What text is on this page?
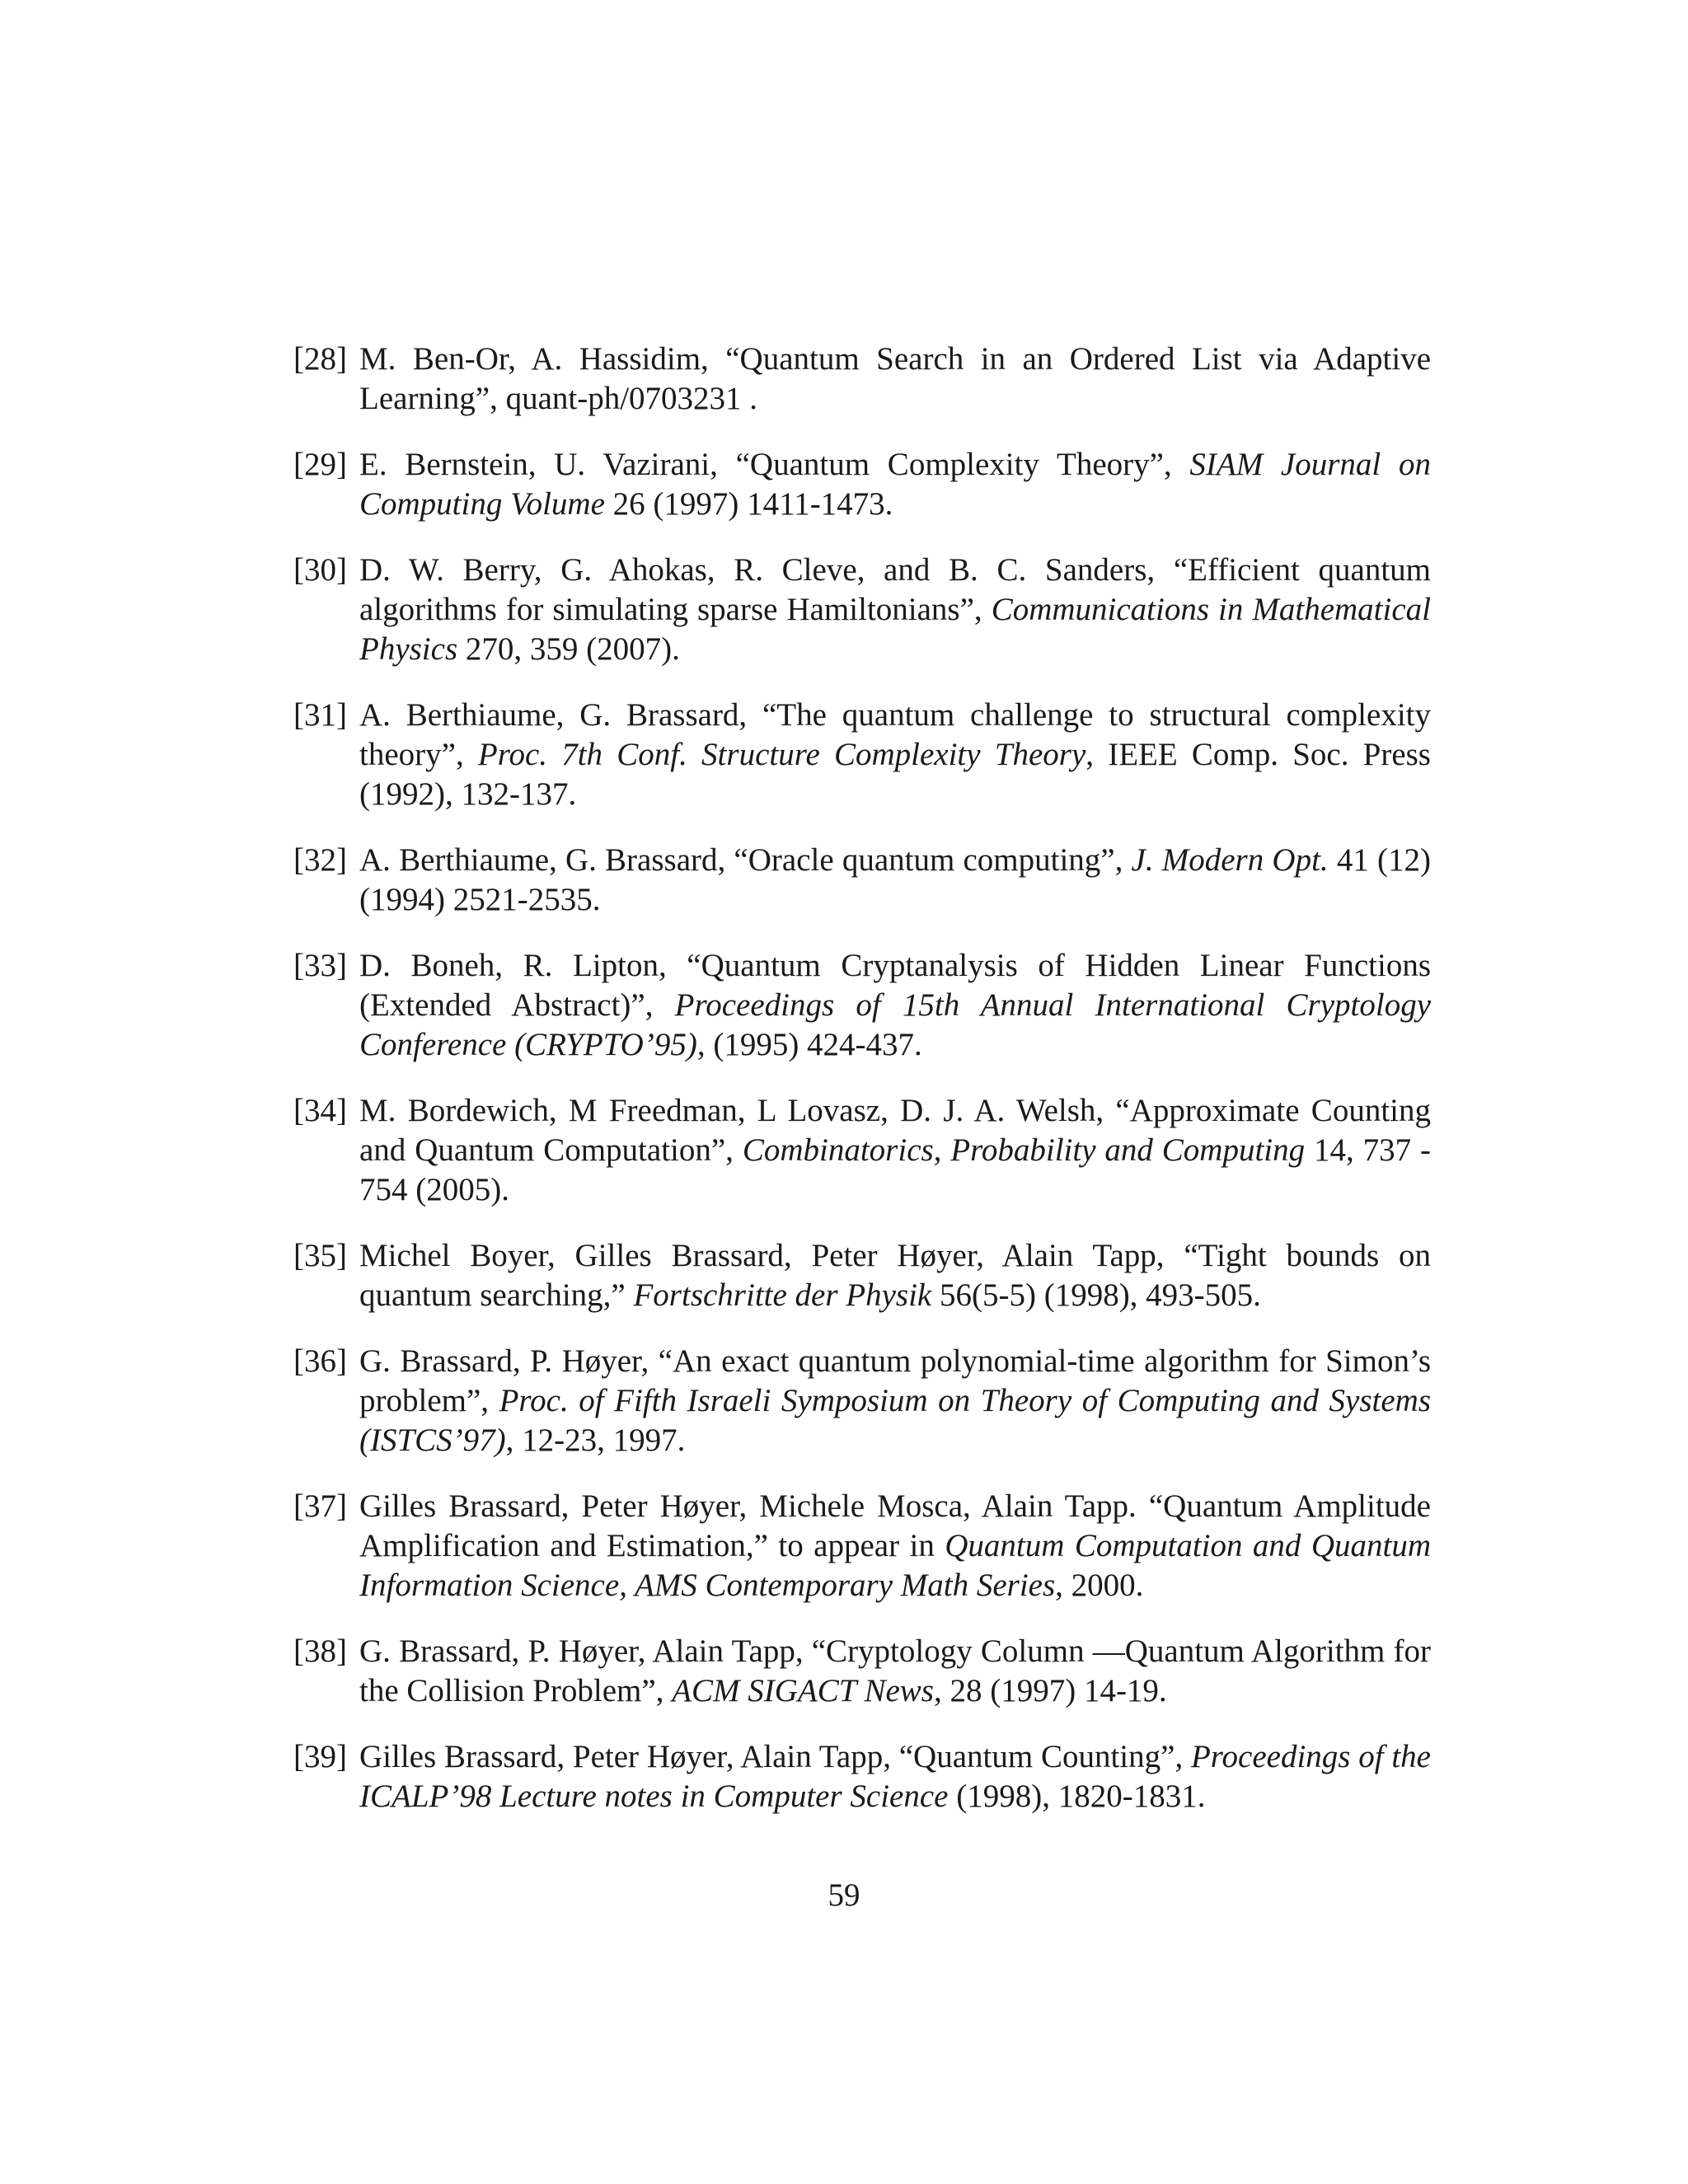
[28] M. Ben-Or, A. Hassidim, “Quantum Search in an Ordered List via Adaptive Learning”, quant-ph/0703231 .
[29] E. Bernstein, U. Vazirani, “Quantum Complexity Theory”, SIAM Journal on Computing Volume 26 (1997) 1411-1473.
[30] D. W. Berry, G. Ahokas, R. Cleve, and B. C. Sanders, “Efficient quantum algorithms for simulating sparse Hamiltonians”, Communications in Mathematical Physics 270, 359 (2007).
[31] A. Berthiaume, G. Brassard, “The quantum challenge to structural complexity theory”, Proc. 7th Conf. Structure Complexity Theory, IEEE Comp. Soc. Press (1992), 132-137.
[32] A. Berthiaume, G. Brassard, “Oracle quantum computing”, J. Modern Opt. 41 (12) (1994) 2521-2535.
[33] D. Boneh, R. Lipton, “Quantum Cryptanalysis of Hidden Linear Functions (Extended Abstract)”, Proceedings of 15th Annual International Cryptology Conference (CRYPTO’95), (1995) 424-437.
[34] M. Bordewich, M Freedman, L Lovasz, D. J. A. Welsh, “Approximate Counting and Quantum Computation”, Combinatorics, Probability and Computing 14, 737 - 754 (2005).
[35] Michel Boyer, Gilles Brassard, Peter Høyer, Alain Tapp, “Tight bounds on quantum searching,” Fortschritte der Physik 56(5-5) (1998), 493-505.
[36] G. Brassard, P. Høyer, “An exact quantum polynomial-time algorithm for Simon’s problem”, Proc. of Fifth Israeli Symposium on Theory of Computing and Systems (ISTCS’97), 12-23, 1997.
[37] Gilles Brassard, Peter Høyer, Michele Mosca, Alain Tapp. “Quantum Amplitude Amplification and Estimation,” to appear in Quantum Computation and Quantum Information Science, AMS Contemporary Math Series, 2000.
[38] G. Brassard, P. Høyer, Alain Tapp, “Cryptology Column —Quantum Algorithm for the Collision Problem”, ACM SIGACT News, 28 (1997) 14-19.
[39] Gilles Brassard, Peter Høyer, Alain Tapp, “Quantum Counting”, Proceedings of the ICALP’98 Lecture notes in Computer Science (1998), 1820-1831.
59
